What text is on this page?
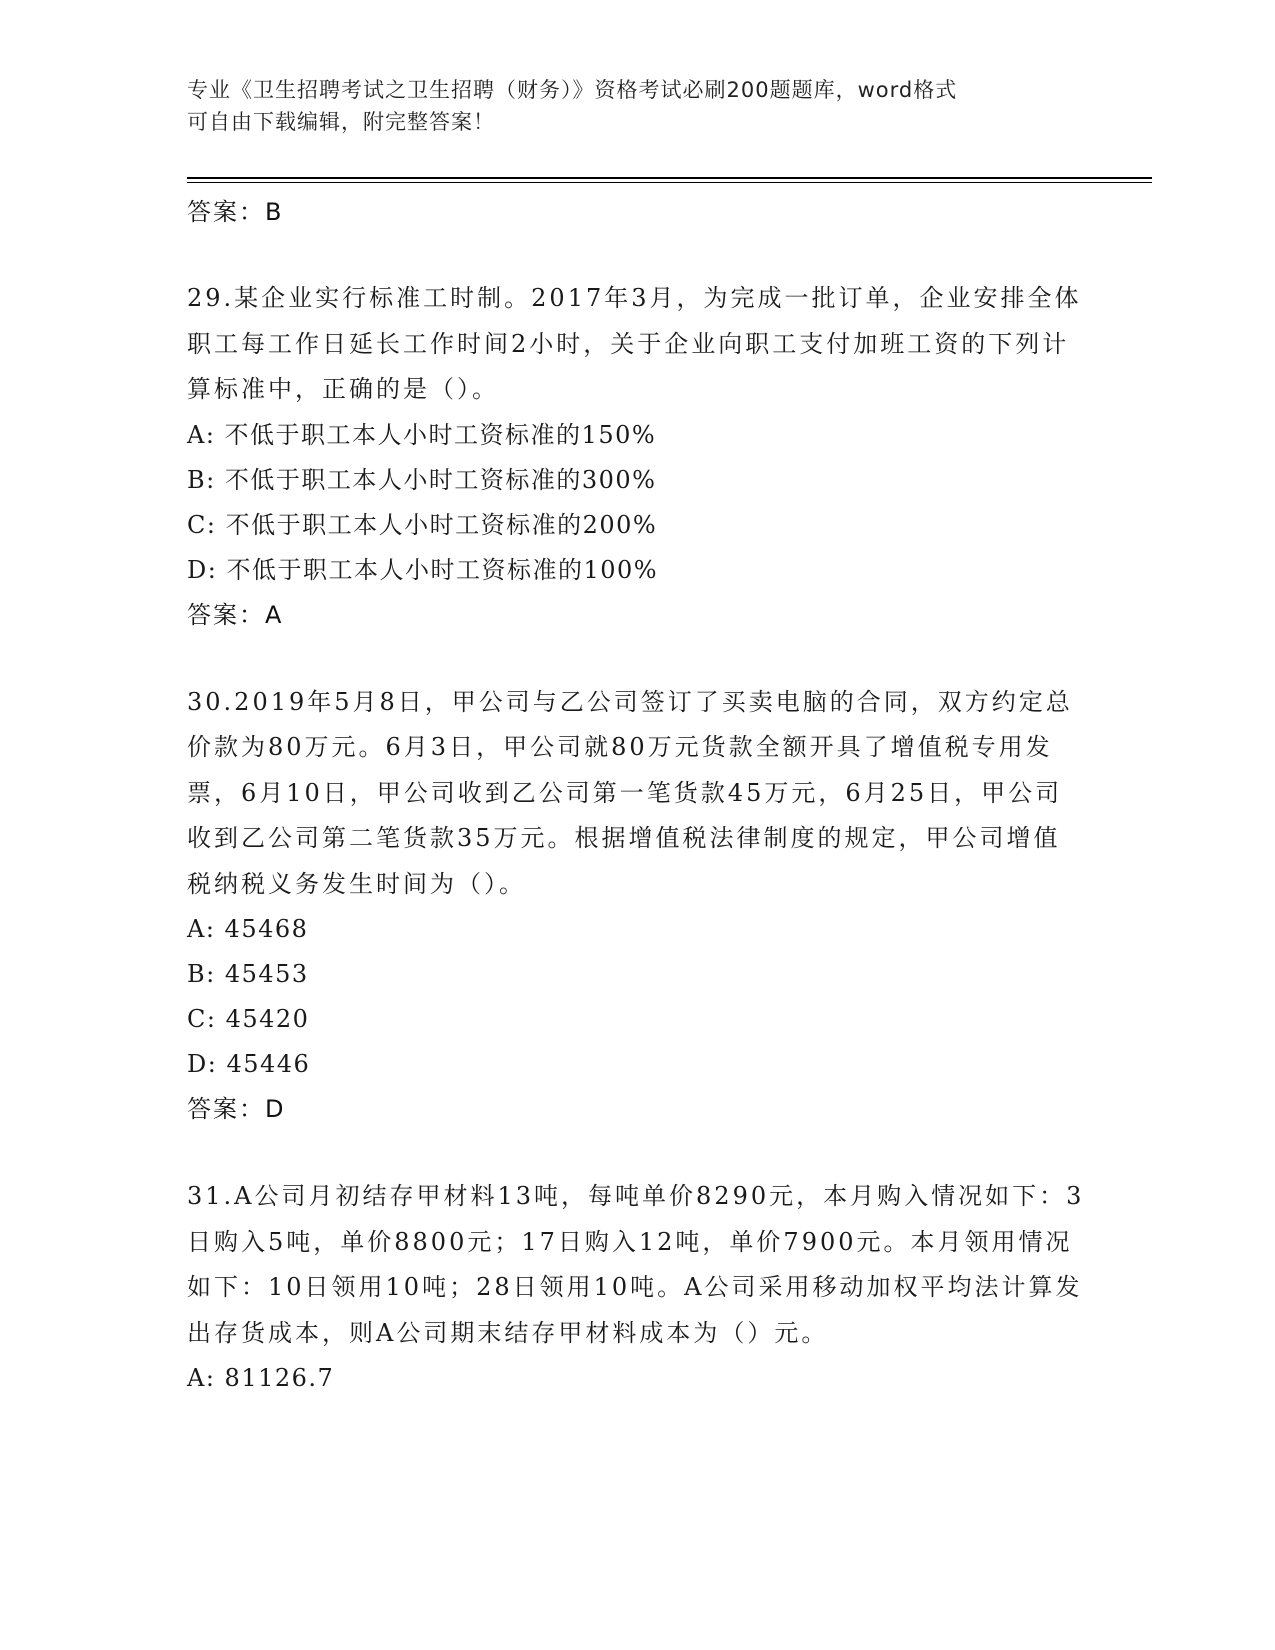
专业《卫生招聘考试之卫生招聘（财务）》资格考试必刷200题题库，word格式
可自由下载编辑，附完整答案！
答案：B
29.某企业实行标准工时制。2017年3月，为完成一批订单，企业安排全体职工每工作日延长工作时间2小时，关于企业向职工支付加班工资的下列计算标准中，正确的是（）。
A: 不低于职工本人小时工资标准的150%
B: 不低于职工本人小时工资标准的300%
C: 不低于职工本人小时工资标准的200%
D: 不低于职工本人小时工资标准的100%
答案：A
30.2019年5月8日，甲公司与乙公司签订了买卖电脑的合同，双方约定总价款为80万元。6月3日，甲公司就80万元货款全额开具了增值税专用发票，6月10日，甲公司收到乙公司第一笔货款45万元，6月25日，甲公司收到乙公司第二笔货款35万元。根据增值税法律制度的规定，甲公司增值税纳税义务发生时间为（）。
A: 45468
B: 45453
C: 45420
D: 45446
答案：D
31.A公司月初结存甲材料13吨，每吨单价8290元，本月购入情况如下：3日购入5吨，单价8800元；17日购入12吨，单价7900元。本月领用情况如下：10日领用10吨；28日领用10吨。A公司采用移动加权平均法计算发出存货成本，则A公司期末结存甲材料成本为（）元。
A: 81126.7
